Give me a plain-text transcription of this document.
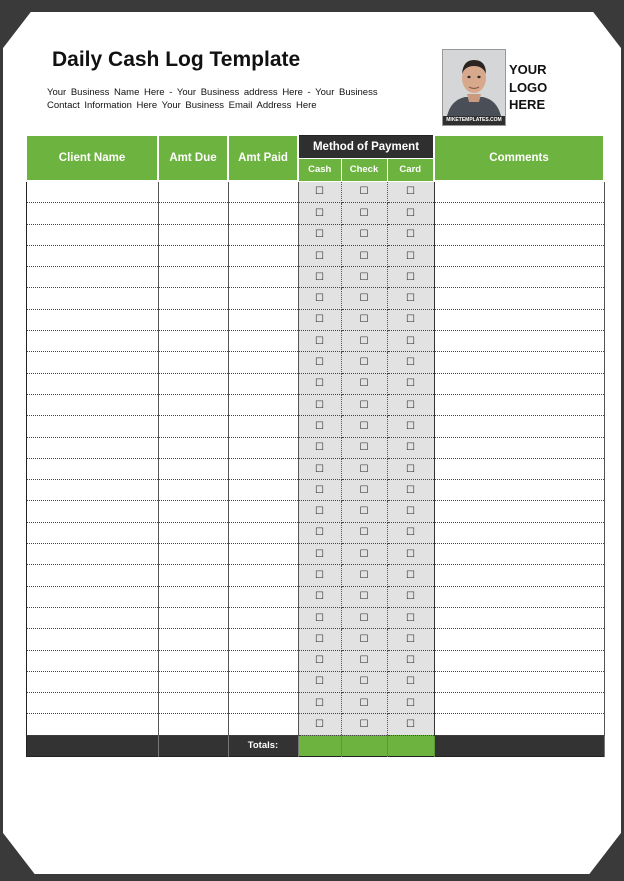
Daily Cash Log Template
Your Business Name Here - Your Business address Here - Your Business Contact Information Here Your Business Email Address Here
MIKETEMPLATES.COM
YOUR
LOGO
HERE
Client Name	Amt Due	Amt Paid	Method of Payment			Comments
			Cash	Check	Card	
			☐	☐	☐	
			☐	☐	☐	
			☐	☐	☐	
			☐	☐	☐	
			☐	☐	☐	
			☐	☐	☐	
			☐	☐	☐	
			☐	☐	☐	
			☐	☐	☐	
			☐	☐	☐	
			☐	☐	☐	
			☐	☐	☐	
			☐	☐	☐	
			☐	☐	☐	
			☐	☐	☐	
			☐	☐	☐	
			☐	☐	☐	
			☐	☐	☐	
			☐	☐	☐	
			☐	☐	☐	
			☐	☐	☐	
			☐	☐	☐	
			☐	☐	☐	
			☐	☐	☐	
			☐	☐	☐	
			☐	☐	☐	
		Totals:				
